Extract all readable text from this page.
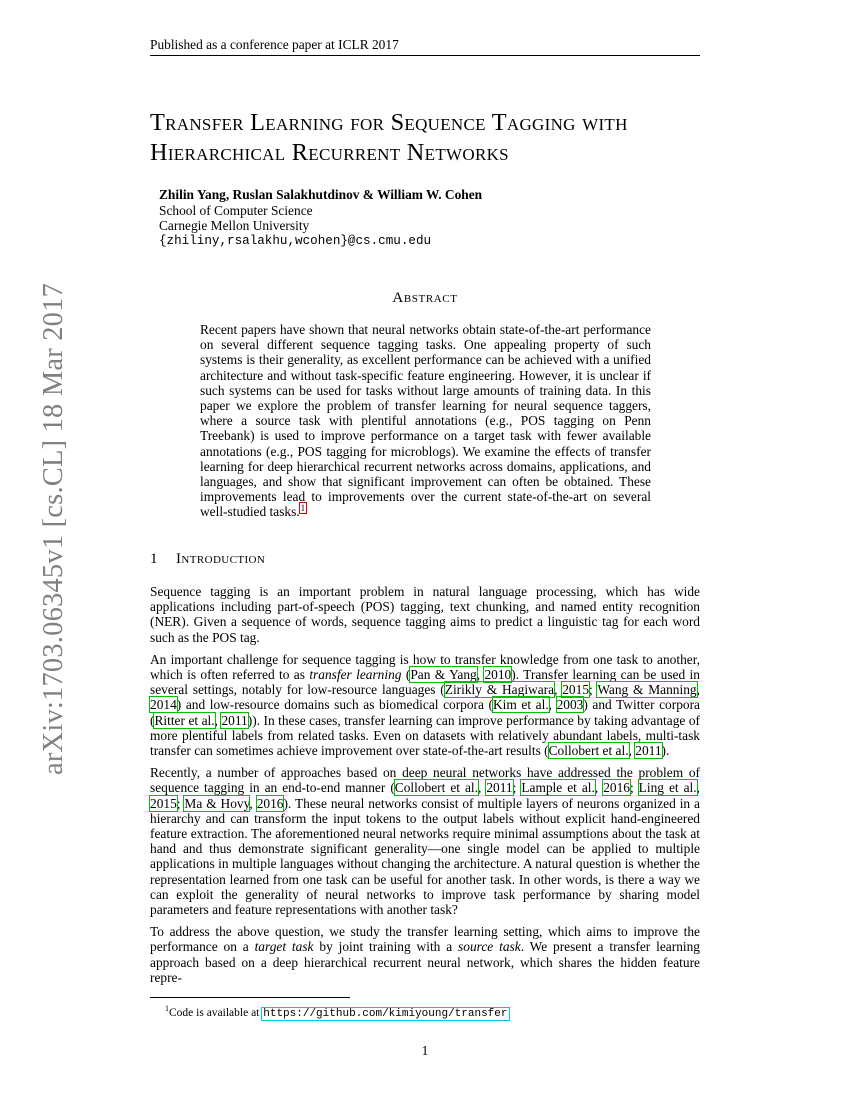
Published as a conference paper at ICLR 2017
arXiv:1703.06345v1 [cs.CL] 18 Mar 2017
Transfer Learning for Sequence Tagging with
Hierarchical Recurrent Networks
Zhilin Yang, Ruslan Salakhutdinov & William W. Cohen
School of Computer Science
Carnegie Mellon University
{zhiliny,rsalakhu,wcohen}@cs.cmu.edu
Abstract
Recent papers have shown that neural networks obtain state-of-the-art performance on several different sequence tagging tasks. One appealing property of such systems is their generality, as excellent performance can be achieved with a unified architecture and without task-specific feature engineering. However, it is unclear if such systems can be used for tasks without large amounts of training data. In this paper we explore the problem of transfer learning for neural sequence taggers, where a source task with plentiful annotations (e.g., POS tagging on Penn Treebank) is used to improve performance on a target task with fewer available annotations (e.g., POS tagging for microblogs). We examine the effects of transfer learning for deep hierarchical recurrent networks across domains, applications, and languages, and show that significant improvement can often be obtained. These improvements lead to improvements over the current state-of-the-art on several well-studied tasks.$^1$
1 Introduction

Sequence tagging is an important problem in natural language processing, which has wide applications including part-of-speech (POS) tagging, text chunking, and named entity recognition (NER). Given a sequence of words, sequence tagging aims to predict a linguistic tag for each word such as the POS tag.

An important challenge for sequence tagging is how to transfer knowledge from one task to another, which is often referred to as transfer learning (Pan & Yang, 2010). Transfer learning can be used in several settings, notably for low-resource languages (Zirikly & Hagiwara, 2015; Wang & Manning, 2014) and low-resource domains such as biomedical corpora (Kim et al., 2003) and Twitter corpora (Ritter et al., 2011)). In these cases, transfer learning can improve performance by taking advantage of more plentiful labels from related tasks. Even on datasets with relatively abundant labels, multi-task transfer can sometimes achieve improvement over state-of-the-art results (Collobert et al., 2011).

Recently, a number of approaches based on deep neural networks have addressed the problem of sequence tagging in an end-to-end manner (Collobert et al., 2011; Lample et al., 2016; Ling et al., 2015; Ma & Hovy, 2016). These neural networks consist of multiple layers of neurons organized in a hierarchy and can transform the input tokens to the output labels without explicit hand-engineered feature extraction. The aforementioned neural networks require minimal assumptions about the task at hand and thus demonstrate significant generality—one single model can be applied to multiple applications in multiple languages without changing the architecture. A natural question is whether the representation learned from one task can be useful for another task. In other words, is there a way we can exploit the generality of neural networks to improve task performance by sharing model parameters and feature representations with another task?

To address the above question, we study the transfer learning setting, which aims to improve the performance on a target task by joint training with a source task. We present a transfer learning approach based on a deep hierarchical recurrent neural network, which shares the hidden feature repre-

$^1$Code is available at https://github.com/kimiyoung/transfer
1
